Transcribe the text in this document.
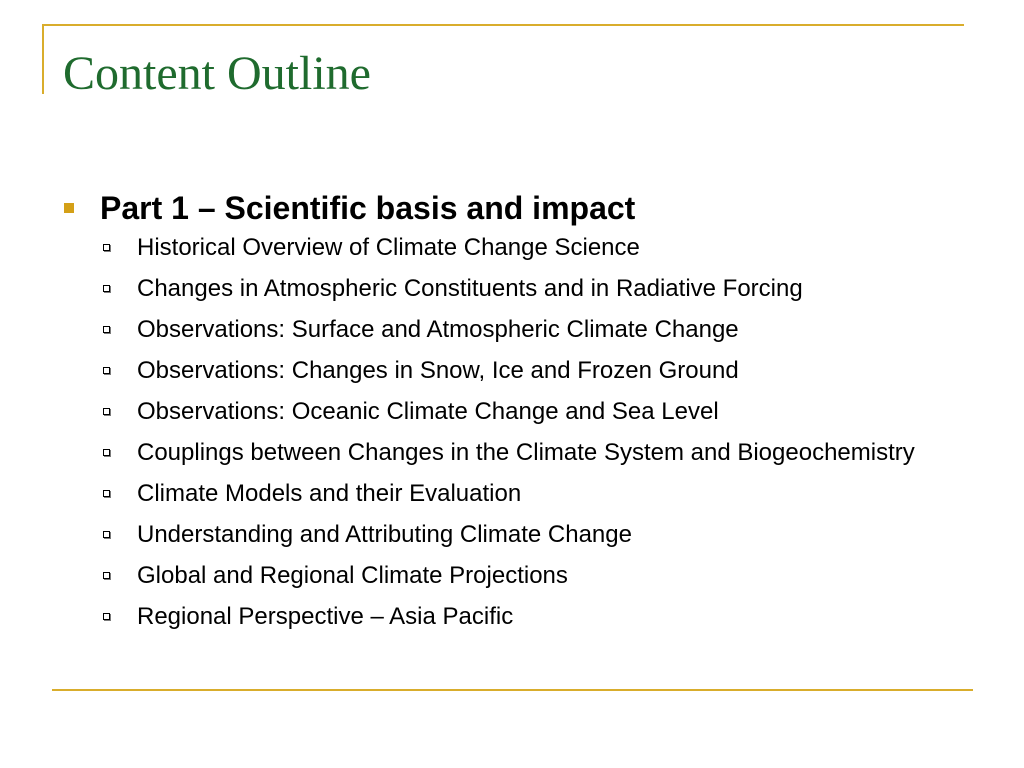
Content Outline
Part 1 – Scientific basis and impact
Historical Overview of Climate Change Science
Changes in Atmospheric Constituents and in Radiative Forcing
Observations: Surface and Atmospheric Climate Change
Observations: Changes in Snow, Ice and Frozen Ground
Observations: Oceanic Climate Change and Sea Level
Couplings between Changes in the Climate System and Biogeochemistry
Climate Models and their Evaluation
Understanding and Attributing Climate Change
Global and Regional Climate Projections
Regional Perspective – Asia Pacific
